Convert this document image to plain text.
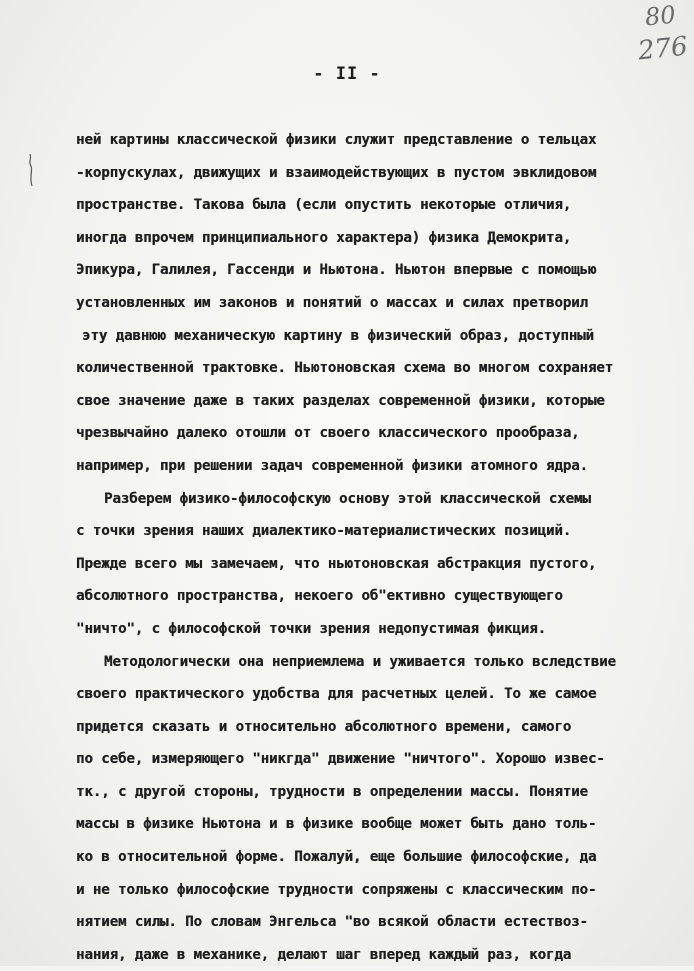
80
276
- II -
ней картины классической физики служит представление о тельцах
-корпускулах, движущих и взаимодействующих в пустом эвклидовом
пространстве. Такова была (если опустить некоторые отличия,
иногда впрочем принципиального характера) физика Демокрита,
Эпикура, Галилея, Гассенди и Ньютона. Ньютон впервые с помощью
установленных им законов и понятий о массах и силах претворил
эту давнюю механическую картину в физический образ, доступный
количественной трактовке. Ньютоновская схема во многом сохраняет
свое значение даже в таких разделах современной физики, которые
чрезвычайно далеко отошли от своего классического прообраза,
например, при решении задач современной физики атомного ядра.
Разберем физико-философскую основу этой классической схемы
с точки зрения наших диалектико-материалистических позиций.
Прежде всего мы замечаем, что ньютоновская абстракция пустого,
абсолютного пространства, некоего об"ективно существующего
"ничто", с философской точки зрения недопустимая фикция.
Методологически она неприемлема и уживается только вследствие
своего практического удобства для расчетных целей. То же самое
придется сказать и относительно абсолютного времени, самого
по себе, измеряющего "никгда" движение "ничтого". Хорошо извес-
тк., с другой стороны, трудности в определении массы. Понятие
массы в физике Ньютона и в физике вообще может быть дано толь-
ко в относительной форме. Пожалуй, еще большие философские, да
и не только философские трудности сопряжены с классическим по-
нятием силы. По словам Энгельса "во всякой области естествоз-
нания, даже в механике, делают шаг вперед каждый раз, когда
